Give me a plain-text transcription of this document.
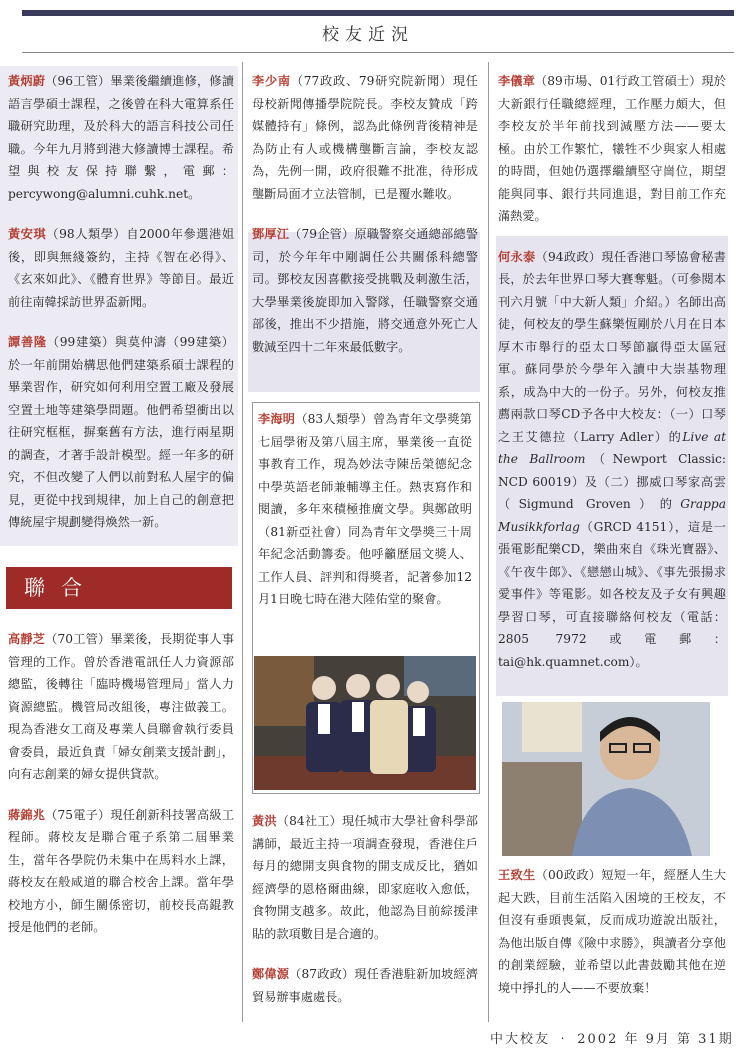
校友近況

黃炳蔚（96工管）畢業後繼續進修，修讀語言學碩士課程，之後曾在科大電算系任職研究助理，及於科大的語言科技公司任職。今年九月將到港大修讀博士課程。希望與校友保持聯繫，電郵：percywong@alumni.cuhk.net。

黃安琪（98人類學）自2000年參選港姐後，即與無綫簽約，主持《智在必得》、《玄來如此》、《體育世界》等節目。最近前往南韓採訪世界盃新聞。

譚善隆（99建築）與莫仲濤（99建築）於一年前開始構思他們建築系碩士課程的畢業習作，研究如何利用空置工廠及發展空置土地等建築學問題。他們希望衝出以往研究框框，摒棄舊有方法，進行兩星期的調查，才著手設計模型。經一年多的研究，不但改變了人們以前對私人屋宇的偏見，更從中找到規律，加上自己的創意把傳統屋宇規劃變得煥然一新。

聯合

高靜芝（70工管）畢業後，長期從事人事管理的工作。曾於香港電訊任人力資源部總監，後轉往「臨時機場管理局」當人力資源總監。機管局改組後，專注做義工。現為香港女工商及專業人員聯會執行委員會委員，最近負責「婦女創業支援計劃」，向有志創業的婦女提供貸款。

蔣錦兆（75電子）現任創新科技署高級工程師。蔣校友是聯合電子系第二屆畢業生，當年各學院仍未集中在馬料水上課，蔣校友在般咸道的聯合校舍上課。當年學校地方小，師生關係密切，前校長高錕教授是他們的老師。

李少南（77政政、79研究院新聞）現任母校新聞傳播學院院長。李校友贊成「跨媒體持有」條例，認為此條例背後精神是為防止有人或機構壟斷言論，李校友認為，先例一開，政府很難不批准，待形成壟斷局面才立法管制，已是覆水難收。

鄧厚江（79企管）原職警察交通總部總警司，於今年年中剛調任公共關係科總警司。鄧校友因喜歡接受挑戰及刺激生活，大學畢業後旋即加入警隊，任職警察交通部後，推出不少措施，將交通意外死亡人數減至四十二年來最低數字。

李海明（83人類學）曾為青年文學獎第七屆學術及第八屆主席，畢業後一直從事教育工作，現為妙法寺陳岳榮德紀念中學英語老師兼輔導主任。熱衷寫作和閱讀，多年來積極推廣文學。與鄭啟明（81新亞社會）同為青年文學獎三十周年紀念活動籌委。他呼籲歷屆文獎人、工作人員、評判和得獎者，記著參加12月1日晚七時在港大陸佑堂的聚會。

黃洪（84社工）現任城市大學社會科學部講師，最近主持一項調查發現，香港住戶每月的總開支與食物的開支成反比，猶如經濟學的恩格爾曲線，即家庭收入愈低，食物開支越多。故此，他認為目前綜援津貼的款項數目是合適的。

鄭偉源（87政政）現任香港駐新加坡經濟貿易辦事處處長。

李儀章（89市場、01行政工管碩士）現於大新銀行任職總經理，工作壓力頗大，但李校友於半年前找到減壓方法——要太極。由於工作繁忙，犧牲不少與家人相處的時間，但她仍選擇繼續堅守崗位，期望能與同事、銀行共同進退，對目前工作充滿熱愛。

何永泰（94政政）現任香港口琴協會秘書長，於去年世界口琴大賽奪魁。（可參閱本刊六月號「中大新人類」介紹。）名師出高徒，何校友的學生蘇樂恆剛於八月在日本厚木市舉行的亞太口琴節贏得亞太區冠軍。蘇同學於今學年入讀中大崇基物理系，成為中大的一份子。另外，何校友推薦兩款口琴CD予各中大校友：（一）口琴之王艾德拉（Larry Adler）的Live at the Ballroom（Newport Classic: NCD 60019）及（二）挪威口琴家高雲（Sigmund Groven）的Grappa Musikkforlag（GRCD 4151），這是一張電影配樂CD，樂曲來自《珠光寶器》、《午夜牛郎》、《戀戀山城》、《事先張揚求愛事件》等電影。如各校友及子女有興趣學習口琴，可直接聯絡何校友（電話：2805 7972或電郵：tai@hk.quamnet.com）。

王致生（00政政）短短一年，經歷人生大起大跌，目前生活陷入困境的王校友，不但沒有垂頭喪氣，反而成功遊說出版社，為他出版自傳《險中求勝》，與讀者分享他的創業經驗，並希望以此書鼓勵其他在逆境中掙扎的人——不要放棄！

中大校友 ‧ 2002 年 9月 第 31期
